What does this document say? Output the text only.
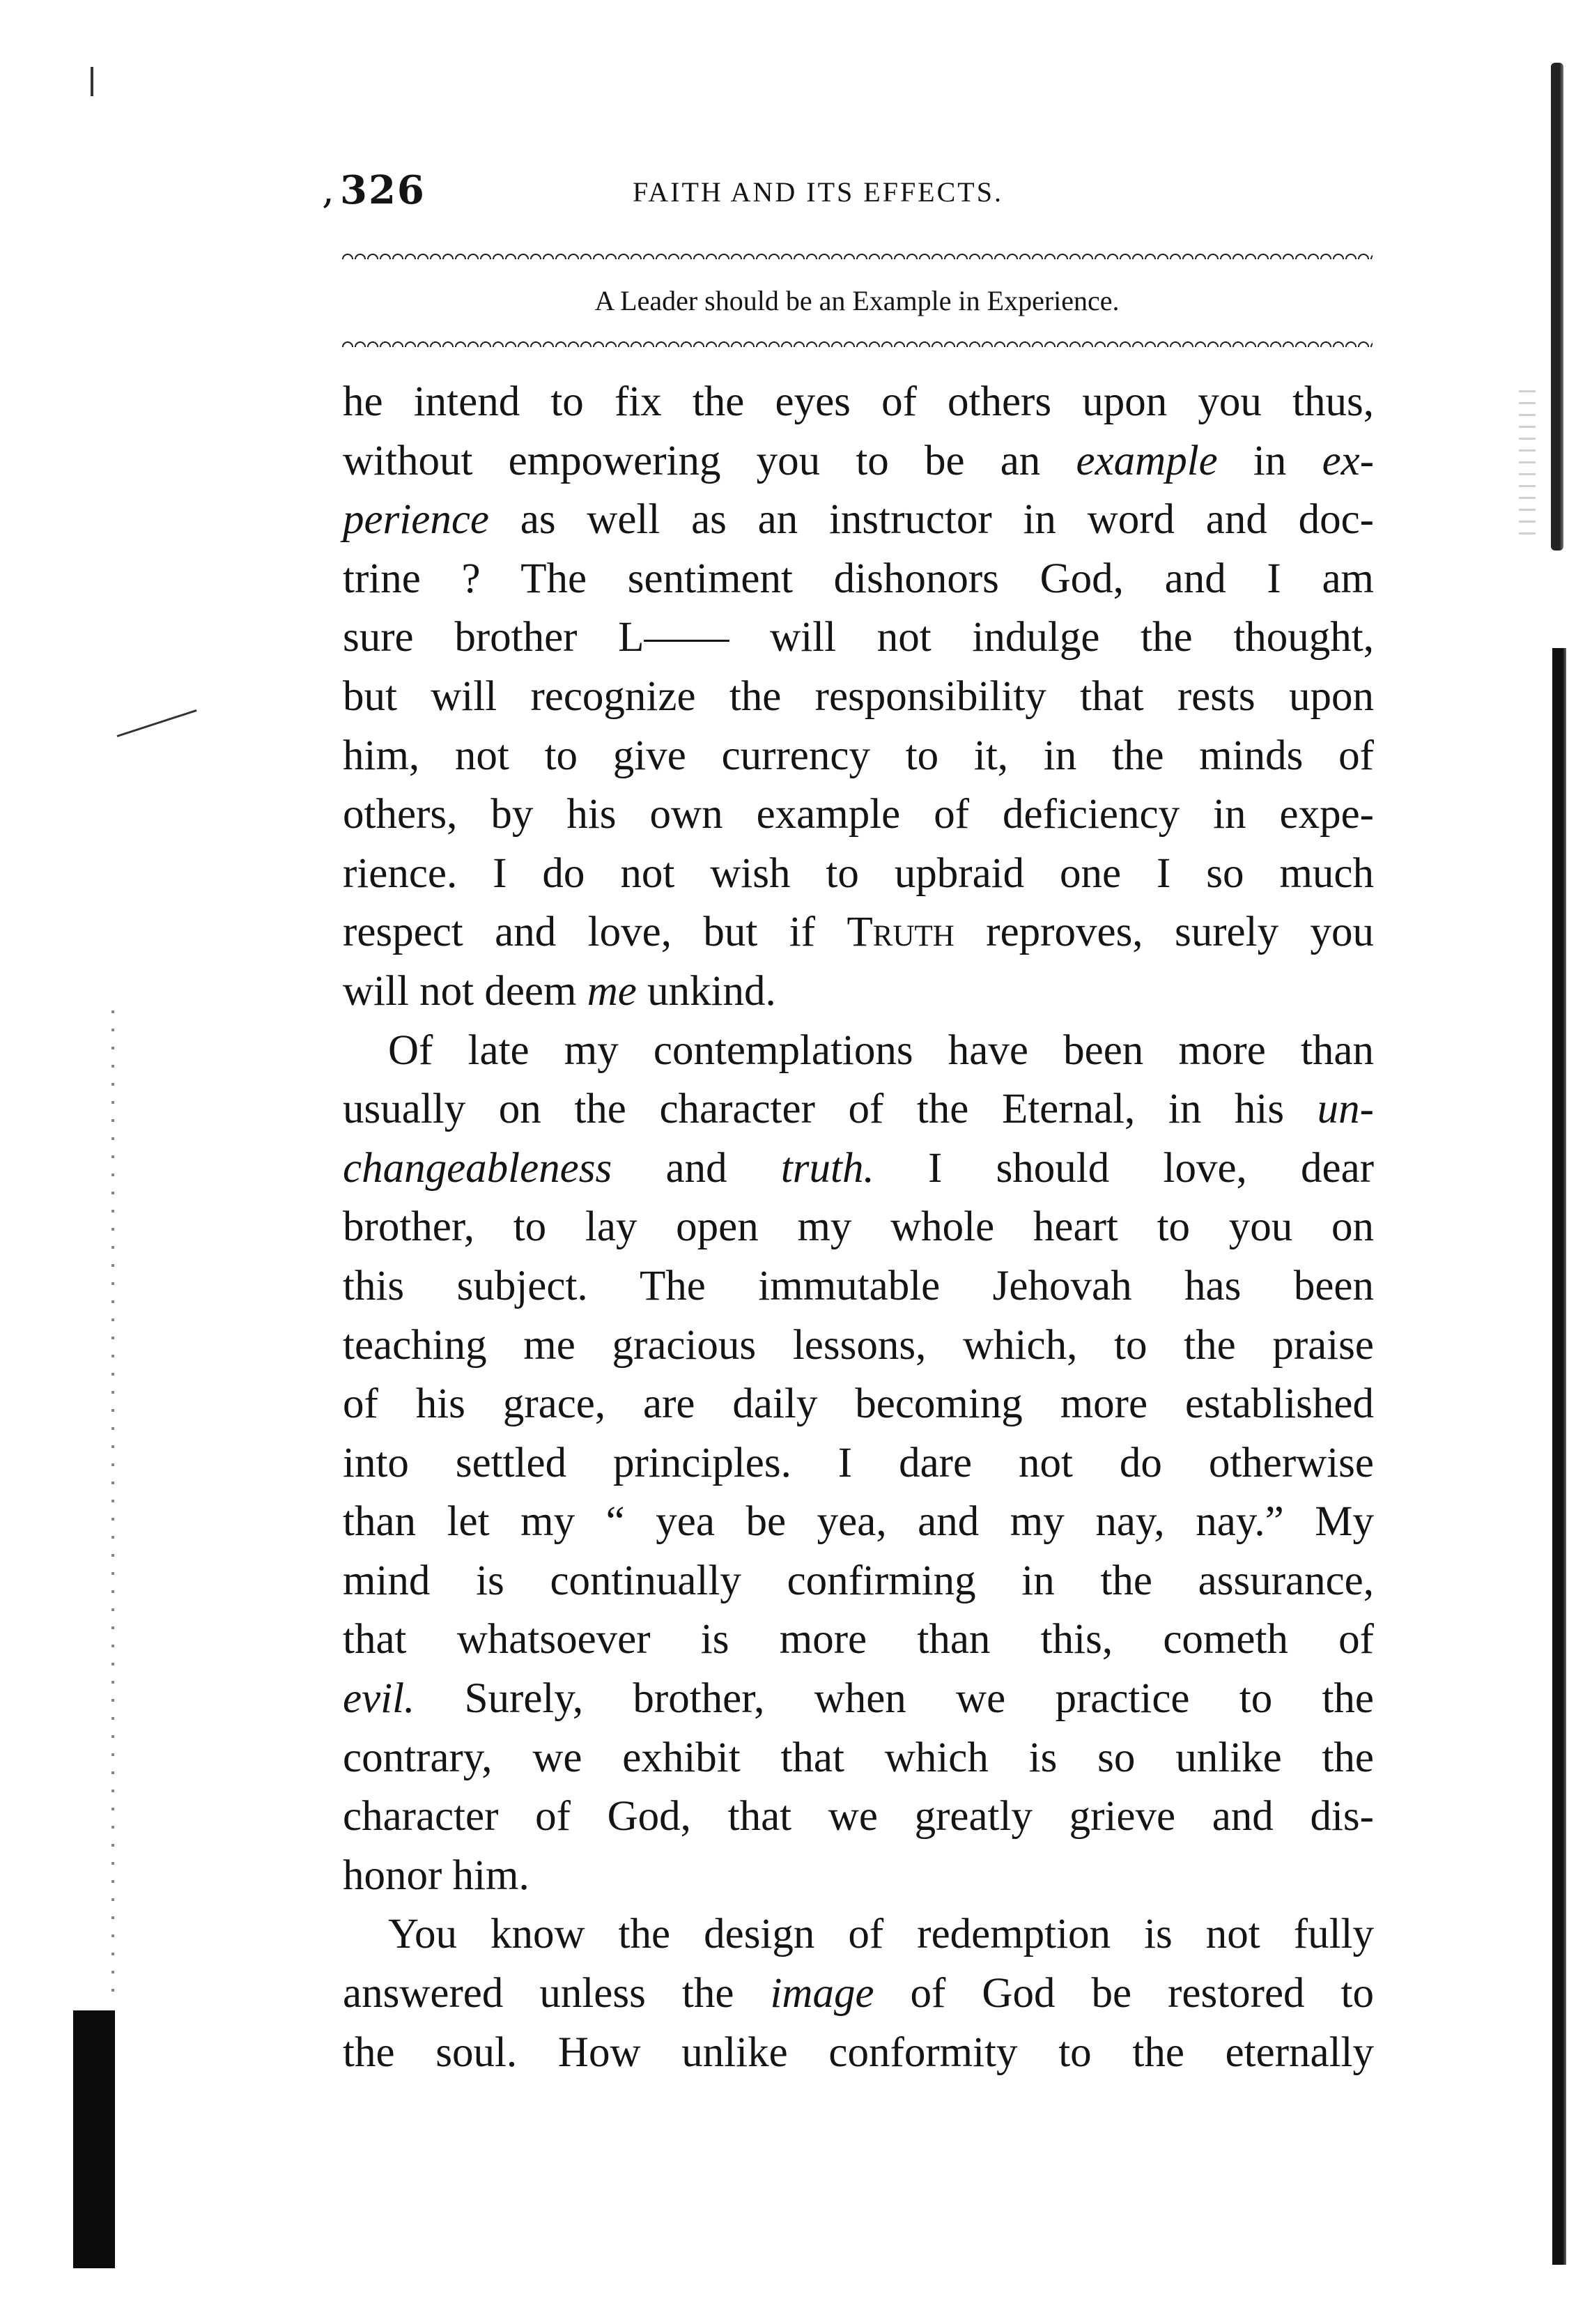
, 326	FAITH AND ITS EFFECTS.
A Leader should be an Example in Experience.
he intend to fix the eyes of others upon you thus,
without empowering you to be an example in ex-
perience as well as an instructor in word and doc-
trine ? The sentiment dishonors God, and I am
sure brother L—— will not indulge the thought,
but will recognize the responsibility that rests upon
him, not to give currency to it, in the minds of
others, by his own example of deficiency in expe-
rience. I do not wish to upbraid one I so much
respect and love, but if Truth reproves, surely you
will not deem me unkind.
Of late my contemplations have been more than
usually on the character of the Eternal, in his un-
changeableness and truth. I should love, dear
brother, to lay open my whole heart to you on
this subject. The immutable Jehovah has been
teaching me gracious lessons, which, to the praise
of his grace, are daily becoming more established
into settled principles. I dare not do otherwise
than let my “ yea be yea, and my nay, nay.” My
mind is continually confirming in the assurance,
that whatsoever is more than this, cometh of
evil. Surely, brother, when we practice to the
contrary, we exhibit that which is so unlike the
character of God, that we greatly grieve and dis-
honor him.
You know the design of redemption is not fully
answered unless the image of God be restored to
the soul. How unlike conformity to the eternally
